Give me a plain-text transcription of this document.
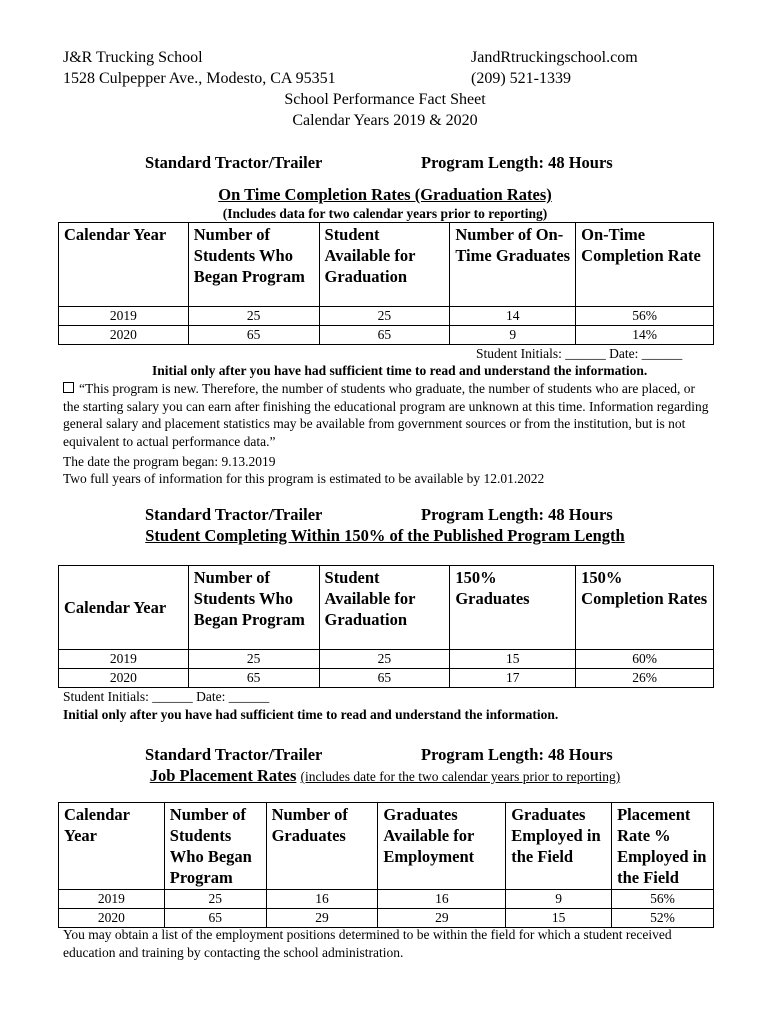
J&R Trucking School	JandRtruckingschool.com
1528 Culpepper Ave., Modesto, CA 95351	(209) 521-1339
School Performance Fact Sheet
Calendar Years 2019 & 2020
Standard Tractor/Trailer	Program Length: 48 Hours
On Time Completion Rates (Graduation Rates)
(Includes data for two calendar years prior to reporting)
Calendar Year	Number of Students Who Began Program	Student Available for Graduation	Number of On-Time Graduates	On-Time Completion Rate
2019	25	25	14	56%
2020	65	65	9	14%
Student Initials: ______ Date: ______
Initial only after you have had sufficient time to read and understand the information.
“This program is new. Therefore, the number of students who graduate, the number of students who are placed, or the starting salary you can earn after finishing the educational program are unknown at this time. Information regarding general salary and placement statistics may be available from government sources or from the institution, but is not equivalent to actual performance data.”
The date the program began: 9.13.2019
Two full years of information for this program is estimated to be available by 12.01.2022
Standard Tractor/Trailer	Program Length: 48 Hours
Student Completing Within 150% of the Published Program Length
Calendar Year	Number of Students Who Began Program	Student Available for Graduation	150% Graduates	150% Completion Rates
2019	25	25	15	60%
2020	65	65	17	26%
Student Initials: ______ Date: ______
Initial only after you have had sufficient time to read and understand the information.
Standard Tractor/Trailer	Program Length: 48 Hours
Job Placement Rates (includes date for the two calendar years prior to reporting)
Calendar Year	Number of Students Who Began Program	Number of Graduates	Graduates Available for Employment	Graduates Employed in the Field	Placement Rate % Employed in the Field
2019	25	16	16	9	56%
2020	65	29	29	15	52%
You may obtain a list of the employment positions determined to be within the field for which a student received education and training by contacting the school administration.
